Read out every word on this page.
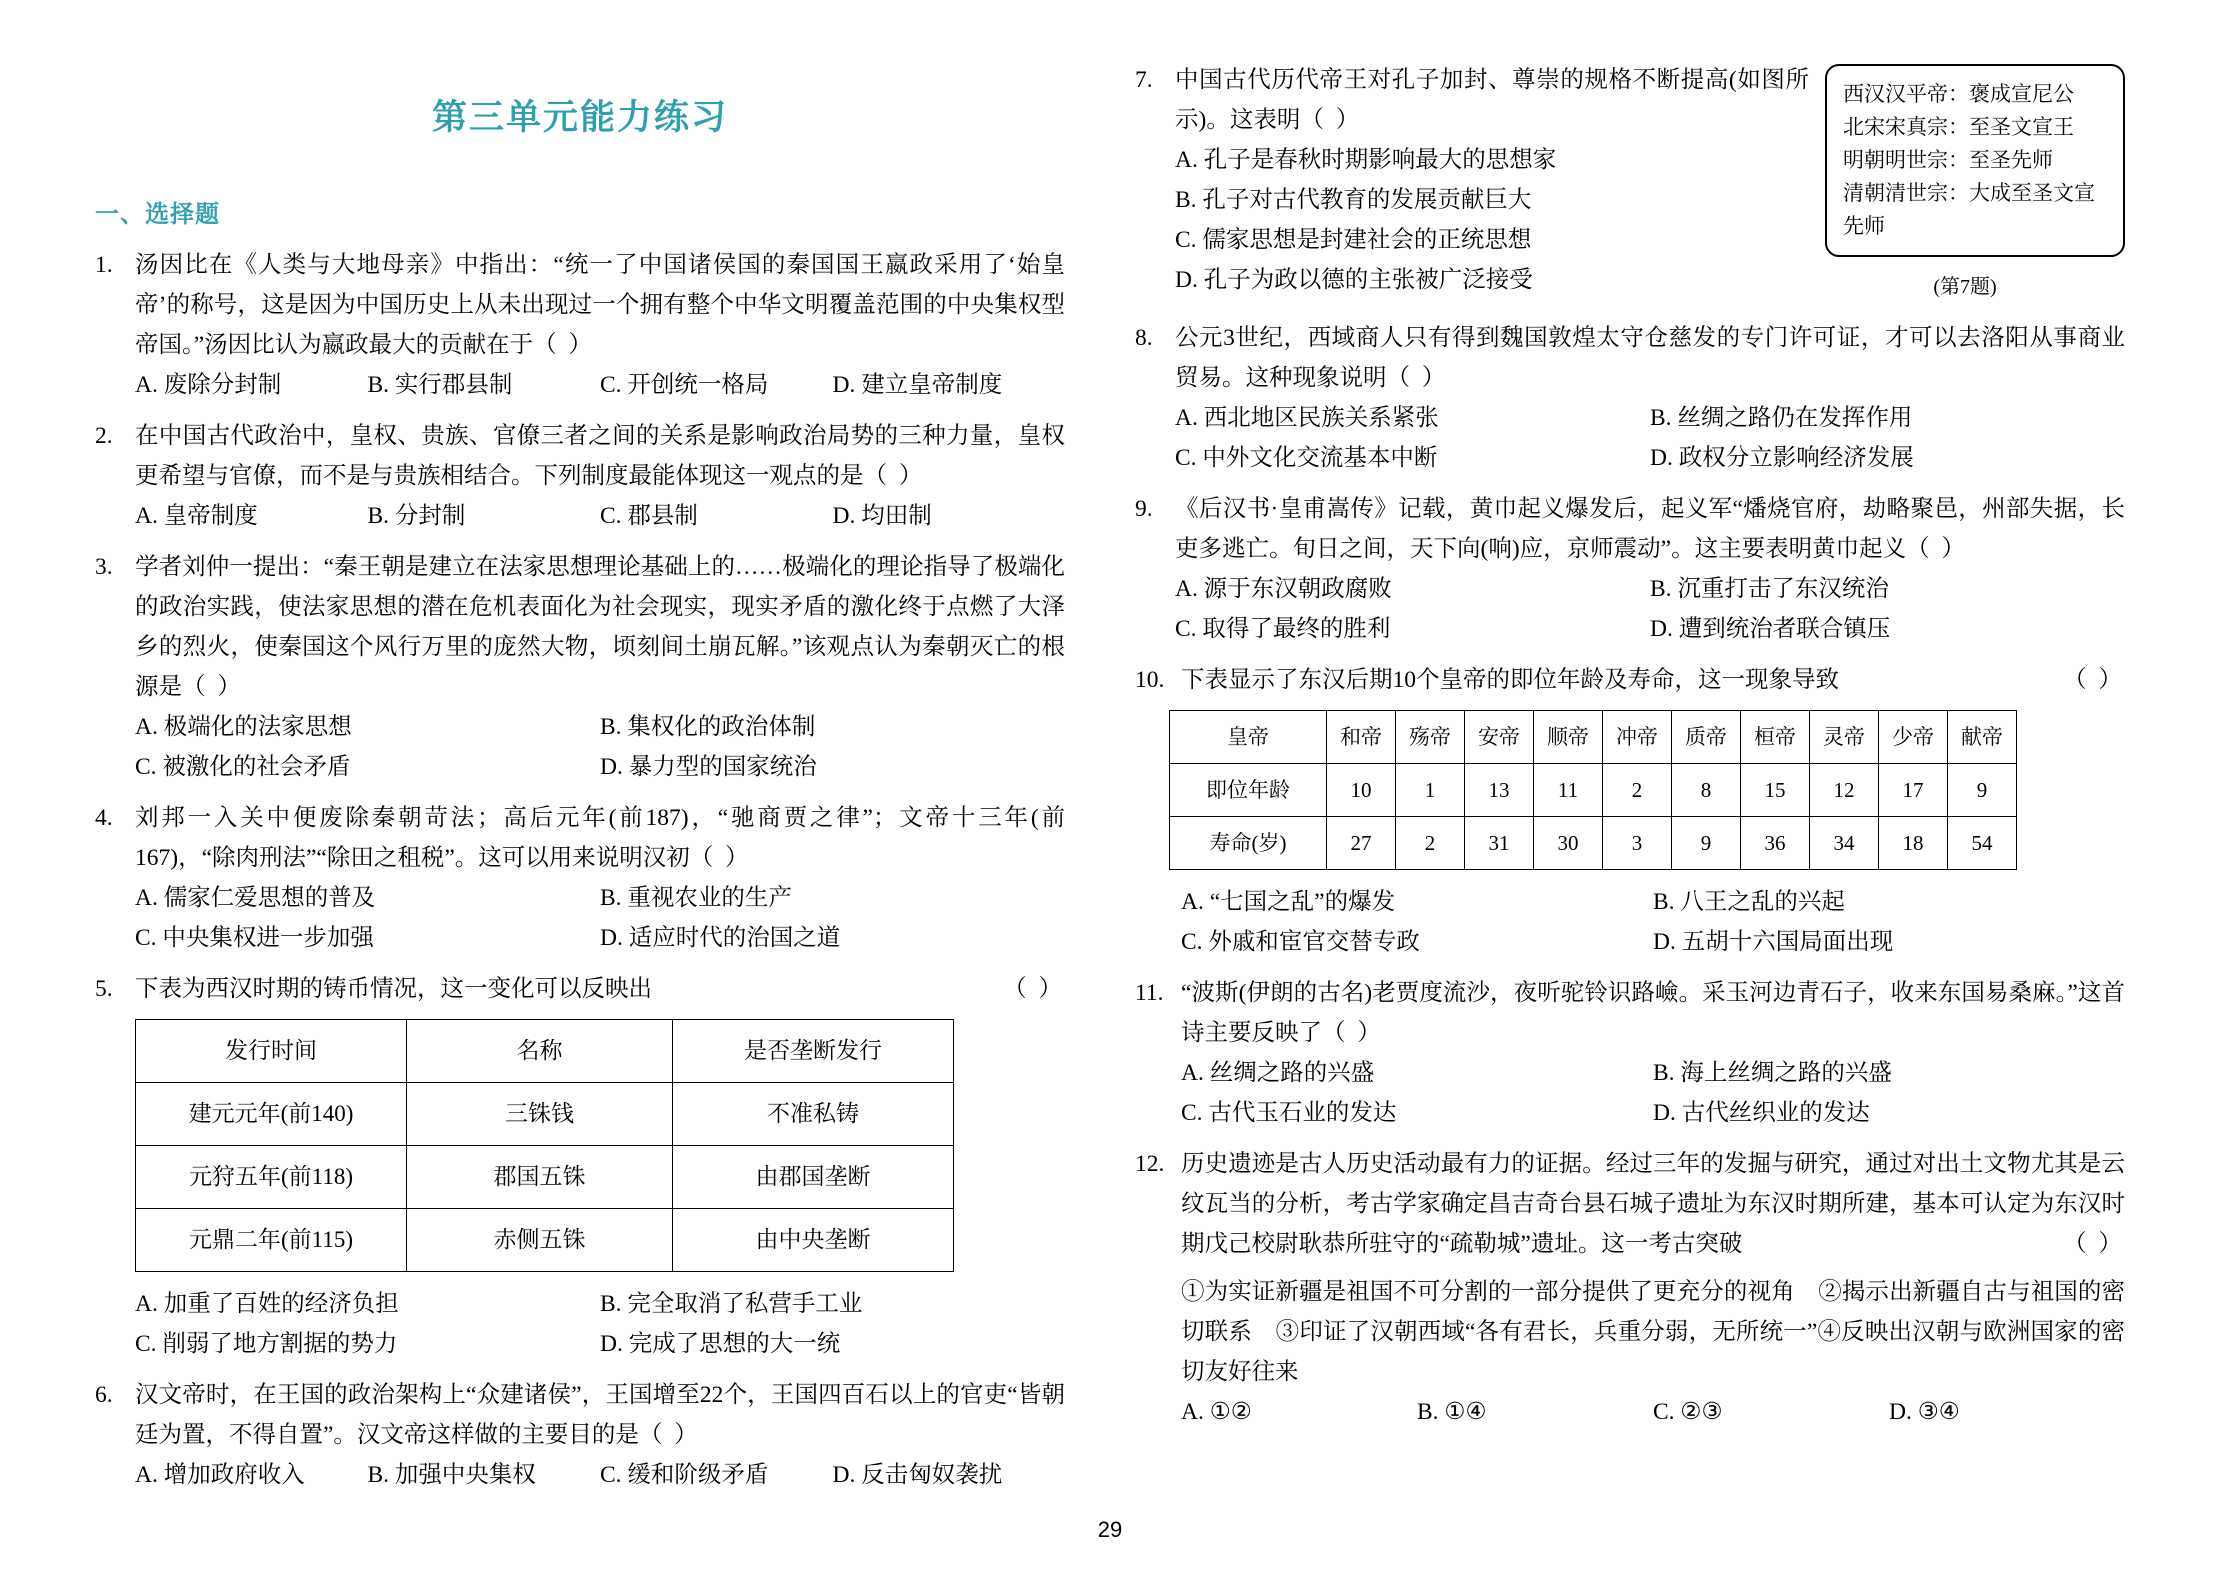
第三单元能力练习
一、选择题
1. 汤因比在《人类与大地母亲》中指出：“统一了中国诸侯国的秦国国王嬴政采用了‘始皇帝’的称号，这是因为中国历史上从未出现过一个拥有整个中华文明覆盖范围的中央集权型帝国。”汤因比认为嬴政最大的贡献在于（ ）
A. 废除分封制	B. 实行郡县制	C. 开创统一格局	D. 建立皇帝制度
2. 在中国古代政治中，皇权、贵族、官僚三者之间的关系是影响政治局势的三种力量，皇权更希望与官僚，而不是与贵族相结合。下列制度最能体现这一观点的是（ ）
A. 皇帝制度	B. 分封制	C. 郡县制	D. 均田制
3. 学者刘仲一提出：“秦王朝是建立在法家思想理论基础上的……极端化的理论指导了极端化的政治实践，使法家思想的潜在危机表面化为社会现实，现实矛盾的激化终于点燃了大泽乡的烈火，使秦国这个风行万里的庞然大物，顷刻间土崩瓦解。”该观点认为秦朝灭亡的根源是（ ）
A. 极端化的法家思想	B. 集权化的政治体制
C. 被激化的社会矛盾	D. 暴力型的国家统治
4. 刘邦一入关中便废除秦朝苛法；高后元年(前187)，“驰商贾之律”；文帝十三年(前167)，“除肉刑法”“除田之租税”。这可以用来说明汉初（ ）
A. 儒家仁爱思想的普及	B. 重视农业的生产
C. 中央集权进一步加强	D. 适应时代的治国之道
5. 下表为西汉时期的铸币情况，这一变化可以反映出	（ ）
发行时间	名称	是否垄断发行
建元元年(前140)	三铢钱	不准私铸
元狩五年(前118)	郡国五铢	由郡国垄断
元鼎二年(前115)	赤侧五铢	由中央垄断
A. 加重了百姓的经济负担	B. 完全取消了私营手工业
C. 削弱了地方割据的势力	D. 完成了思想的大一统
6. 汉文帝时，在王国的政治架构上“众建诸侯”，王国增至22个，王国四百石以上的官吏“皆朝廷为置，不得自置”。汉文帝这样做的主要目的是（ ）
A. 增加政府收入	B. 加强中央集权	C. 缓和阶级矛盾	D. 反击匈奴袭扰
西汉汉平帝：褒成宣尼公
北宋宋真宗：至圣文宣王
明朝明世宗：至圣先师
清朝清世宗：大成至圣文宣先师
(第7题)
7. 中国古代历代帝王对孔子加封、尊崇的规格不断提高(如图所示)。这表明（ ）
A. 孔子是春秋时期影响最大的思想家
B. 孔子对古代教育的发展贡献巨大
C. 儒家思想是封建社会的正统思想
D. 孔子为政以德的主张被广泛接受
8. 公元3世纪，西域商人只有得到魏国敦煌太守仓慈发的专门许可证，才可以去洛阳从事商业贸易。这种现象说明（ ）
A. 西北地区民族关系紧张	B. 丝绸之路仍在发挥作用
C. 中外文化交流基本中断	D. 政权分立影响经济发展
9. 《后汉书·皇甫嵩传》记载，黄巾起义爆发后，起义军“燔烧官府，劫略聚邑，州部失据，长吏多逃亡。旬日之间，天下向(响)应，京师震动”。这主要表明黄巾起义（ ）
A. 源于东汉朝政腐败	B. 沉重打击了东汉统治
C. 取得了最终的胜利	D. 遭到统治者联合镇压
10. 下表显示了东汉后期10个皇帝的即位年龄及寿命，这一现象导致	（ ）
皇帝	和帝	殇帝	安帝	顺帝	冲帝	质帝	桓帝	灵帝	少帝	献帝
即位年龄	10	1	13	11	2	8	15	12	17	9
寿命(岁)	27	2	31	30	3	9	36	34	18	54
A. “七国之乱”的爆发	B. 八王之乱的兴起
C. 外戚和宦官交替专政	D. 五胡十六国局面出现
11. “波斯(伊朗的古名)老贾度流沙，夜听驼铃识路嶮。采玉河边青石子，收来东国易桑麻。”这首诗主要反映了（ ）
A. 丝绸之路的兴盛	B. 海上丝绸之路的兴盛
C. 古代玉石业的发达	D. 古代丝织业的发达
12. 历史遗迹是古人历史活动最有力的证据。经过三年的发掘与研究，通过对出土文物尤其是云纹瓦当的分析，考古学家确定昌吉奇台县石城子遗址为东汉时期所建，基本可认定为东汉时期戊己校尉耿恭所驻守的“疏勒城”遗址。这一考古突破	（ ）
①为实证新疆是祖国不可分割的一部分提供了更充分的视角　②揭示出新疆自古与祖国的密切联系　③印证了汉朝西域“各有君长，兵重分弱，无所统一”④反映出汉朝与欧洲国家的密切友好往来
A. ①②	B. ①④	C. ②③	D. ③④
29
